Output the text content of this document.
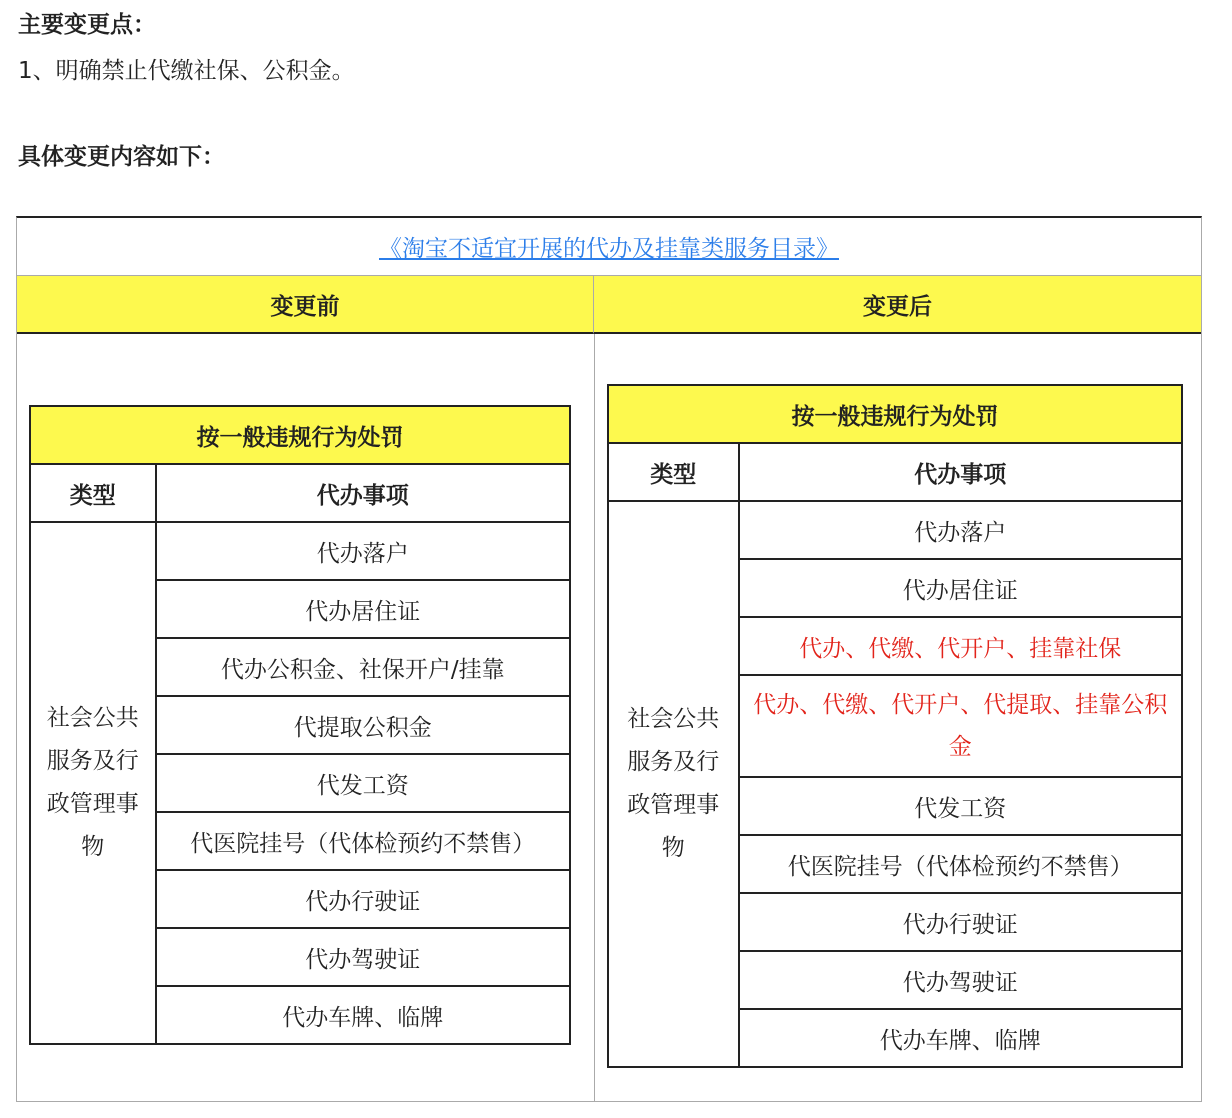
主要变更点：
1、明确禁止代缴社保、公积金。
具体变更内容如下：
《淘宝不适宜开展的代办及挂靠类服务目录》
变更前	变更后
按一般违规行为处罚	
类型	代办事项

社会公共
服务及行
政管理事
物	代办落户
	代办居住证
	代办公积金、社保开户/挂靠
	代提取公积金
	代发工资
	代医院挂号（代体检预约不禁售）
	代办行驶证
	代办驾驶证
	代办车牌、临牌
按一般违规行为处罚	
类型	代办事项

社会公共
服务及行
政管理事
物	代办落户
	代办居住证
	代办、代缴、代开户、挂靠社保
	代办、代缴、代开户、代提取、挂靠公积金
	代发工资
	代医院挂号（代体检预约不禁售）
	代办行驶证
	代办驾驶证
	代办车牌、临牌
